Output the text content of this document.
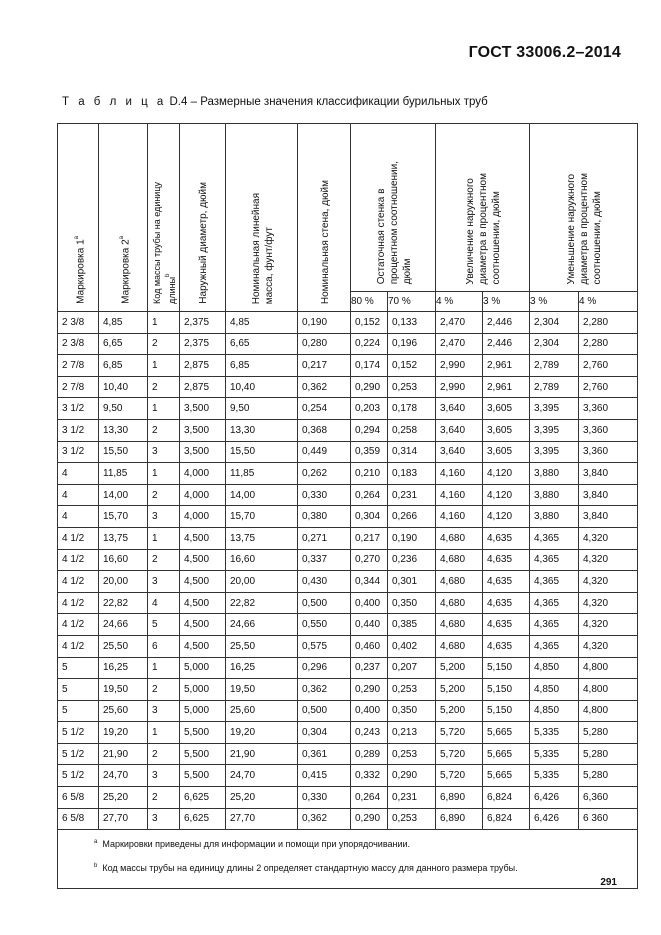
ГОСТ 33006.2–2014
Т а б л и ц а D.4 – Размерные значения классификации бурильных труб
Маркировка 1$^a$	Маркировка 2$^a$	Код массы трубы на единицу длины$^b$	Наружный диаметр, дюйм	Номинальная линейная масса, фунт/фут	Номинальная стена, дюйм	Остаточная стенка в процентном соотношении, дюйм		Увеличение наружного диаметра в процентном соотношении, дюйм		Уменьшение наружного диаметра в процентном соотношении, дюйм	
						80 %	70 %	4 %	3 %	3 %	4 %
2 3/8	4,85	1	2,375	4,85	0,190	0,152	0,133	2,470	2,446	2,304	2,280
2 3/8	6,65	2	2,375	6,65	0,280	0,224	0,196	2,470	2,446	2,304	2,280
2 7/8	6,85	1	2,875	6,85	0,217	0,174	0,152	2,990	2,961	2,789	2,760
2 7/8	10,40	2	2,875	10,40	0,362	0,290	0,253	2,990	2,961	2,789	2,760
3 1/2	9,50	1	3,500	9,50	0,254	0,203	0,178	3,640	3,605	3,395	3,360
3 1/2	13,30	2	3,500	13,30	0,368	0,294	0,258	3,640	3,605	3,395	3,360
3 1/2	15,50	3	3,500	15,50	0,449	0,359	0,314	3,640	3,605	3,395	3,360
4	11,85	1	4,000	11,85	0,262	0,210	0,183	4,160	4,120	3,880	3,840
4	14,00	2	4,000	14,00	0,330	0,264	0,231	4,160	4,120	3,880	3,840
4	15,70	3	4,000	15,70	0,380	0,304	0,266	4,160	4,120	3,880	3,840
4 1/2	13,75	1	4,500	13,75	0,271	0,217	0,190	4,680	4,635	4,365	4,320
4 1/2	16,60	2	4,500	16,60	0,337	0,270	0,236	4,680	4,635	4,365	4,320
4 1/2	20,00	3	4,500	20,00	0,430	0,344	0,301	4,680	4,635	4,365	4,320
4 1/2	22,82	4	4,500	22,82	0,500	0,400	0,350	4,680	4,635	4,365	4,320
4 1/2	24,66	5	4,500	24,66	0,550	0,440	0,385	4,680	4,635	4,365	4,320
4 1/2	25,50	6	4,500	25,50	0,575	0,460	0,402	4,680	4,635	4,365	4,320
5	16,25	1	5,000	16,25	0,296	0,237	0,207	5,200	5,150	4,850	4,800
5	19,50	2	5,000	19,50	0,362	0,290	0,253	5,200	5,150	4,850	4,800
5	25,60	3	5,000	25,60	0,500	0,400	0,350	5,200	5,150	4,850	4,800
5 1/2	19,20	1	5,500	19,20	0,304	0,243	0,213	5,720	5,665	5,335	5,280
5 1/2	21,90	2	5,500	21,90	0,361	0,289	0,253	5,720	5,665	5,335	5,280
5 1/2	24,70	3	5,500	24,70	0,415	0,332	0,290	5,720	5,665	5,335	5,280
6 5/8	25,20	2	6,625	25,20	0,330	0,264	0,231	6,890	6,824	6,426	6,360
6 5/8	27,70	3	6,625	27,70	0,362	0,290	0,253	6,890	6,824	6,426	6 360

$^a$ Маркировки приведены для информации и помощи при упорядочивании.
$^b$ Код массы трубы на единицу длины 2 определяет стандартную массу для данного размера трубы.											
291
